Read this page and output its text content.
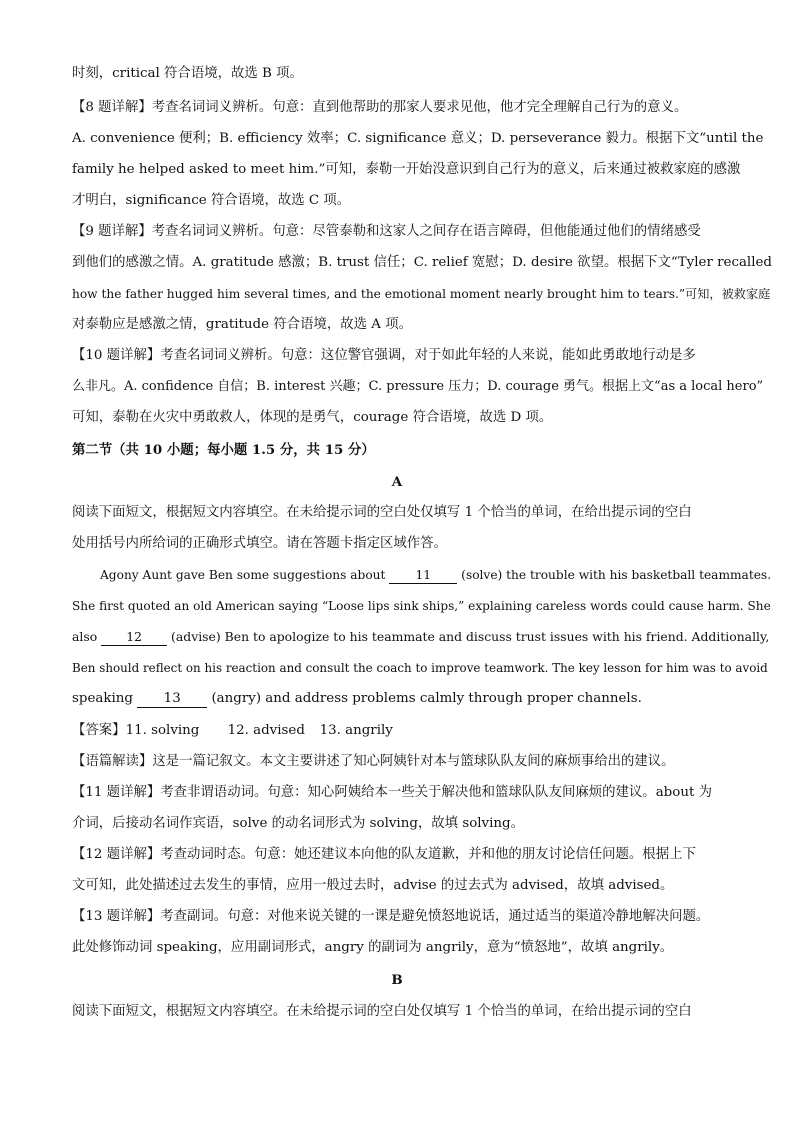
时刻，critical 符合语境，故选 B 项。
【8 题详解】考查名词词义辨析。句意：直到他帮助的那家人要求见他，他才完全理解自己行为的意义。
A. convenience 便利；B. efficiency 效率；C. significance 意义；D. perseverance 毅力。根据下文“until the
family he helped asked to meet him.”可知，泰勒一开始没意识到自己行为的意义，后来通过被救家庭的感激
才明白，significance 符合语境，故选 C 项。
【9 题详解】考查名词词义辨析。句意：尽管泰勒和这家人之间存在语言障碍，但他能通过他们的情绪感受
到他们的感激之情。A. gratitude 感激；B. trust 信任；C. relief 宽慰；D. desire 欲望。根据下文“Tyler recalled
how the father hugged him several times, and the emotional moment nearly brought him to tears.”可知，被救家庭
对泰勒应是感激之情，gratitude 符合语境，故选 A 项。
【10 题详解】考查名词词义辨析。句意：这位警官强调，对于如此年轻的人来说，能如此勇敢地行动是多
么非凡。A. confidence 自信；B. interest 兴趣；C. pressure 压力；D. courage 勇气。根据上文“as a local hero”
可知，泰勒在火灾中勇敢救人，体现的是勇气，courage 符合语境，故选 D 项。
第二节（共 10 小题；每小题 1.5 分，共 15 分）
A
阅读下面短文，根据短文内容填空。在未给提示词的空白处仅填写 1 个恰当的单词，在给出提示词的空白
处用括号内所给词的正确形式填空。请在答题卡指定区域作答。
Agony Aunt gave Ben some suggestions about 11 (solve) the trouble with his basketball teammates.
She first quoted an old American saying “Loose lips sink ships,” explaining careless words could cause harm. She
also 12 (advise) Ben to apologize to his teammate and discuss trust issues with his friend. Additionally,
Ben should reflect on his reaction and consult the coach to improve teamwork. The key lesson for him was to avoid
speaking 13 (angry) and address problems calmly through proper channels.
【答案】11. solving 12. advised 13. angrily
【语篇解读】这是一篇记叙文。本文主要讲述了知心阿姨针对本与篮球队队友间的麻烦事给出的建议。
【11 题详解】考查非谓语动词。句意：知心阿姨给本一些关于解决他和篮球队队友间麻烦的建议。about 为
介词，后接动名词作宾语，solve 的动名词形式为 solving，故填 solving。
【12 题详解】考查动词时态。句意：她还建议本向他的队友道歉，并和他的朋友讨论信任问题。根据上下
文可知，此处描述过去发生的事情，应用一般过去时，advise 的过去式为 advised，故填 advised。
【13 题详解】考查副词。句意：对他来说关键的一课是避免愤怒地说话，通过适当的渠道冷静地解决问题。
此处修饰动词 speaking，应用副词形式，angry 的副词为 angrily，意为“愤怒地”，故填 angrily。
B
阅读下面短文，根据短文内容填空。在未给提示词的空白处仅填写 1 个恰当的单词，在给出提示词的空白
